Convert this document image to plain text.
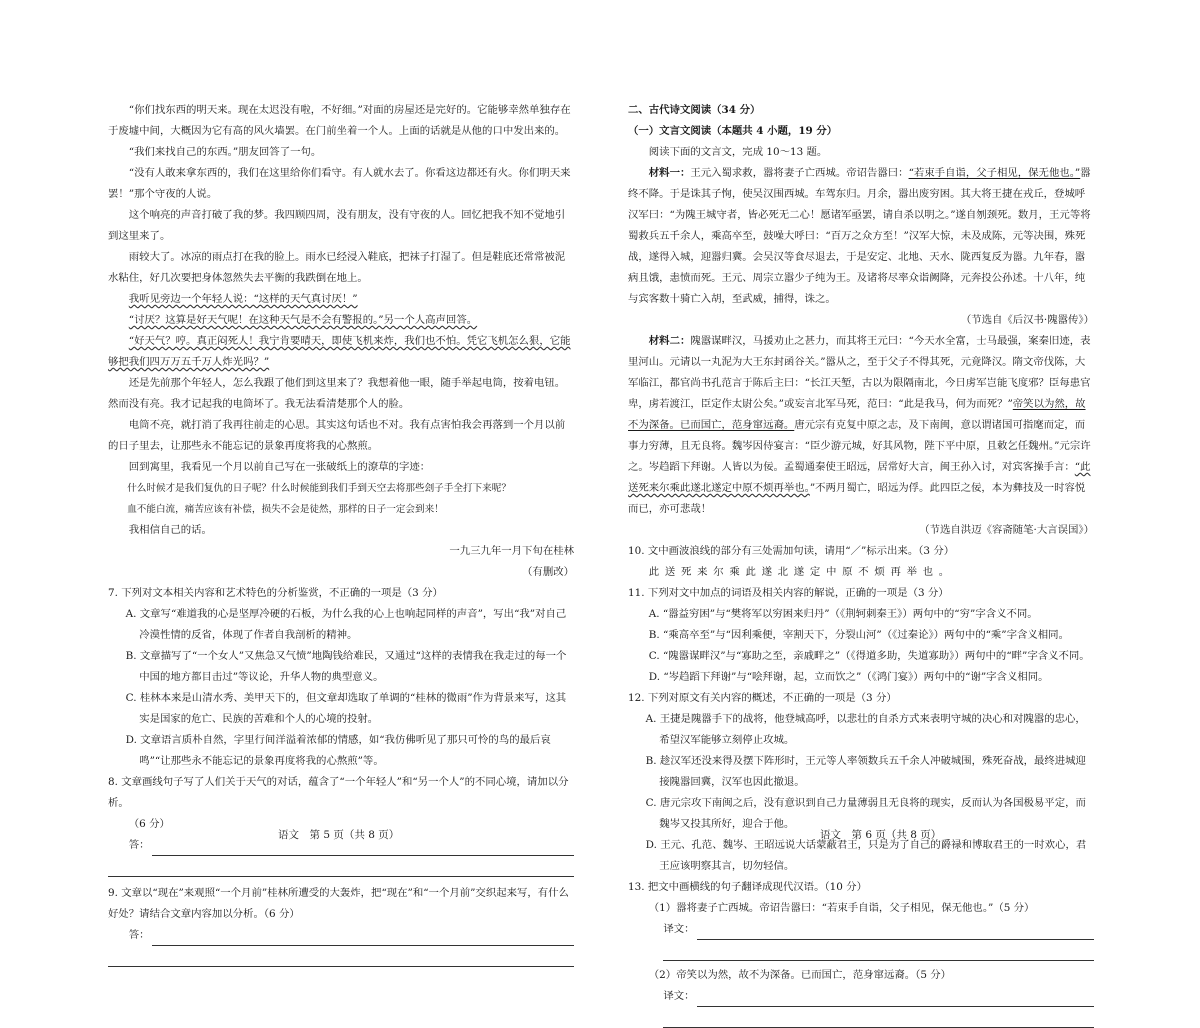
“你们找东西的明天来。现在太迟没有啦，不好细。”对面的房屋还是完好的。它能够幸然单独存在于废墟中间，大概因为它有高的风火墙罢。在门前坐着一个人。上面的话就是从他的口中发出来的。

“我们来找自己的东西。”朋友回答了一句。

“没有人敢来拿东西的，我们在这里给你们看守。有人就水去了。你看这边都还有火。你们明天来罢！”那个守夜的人说。

这个响亮的声音打破了我的梦。我四顾四周，没有朋友，没有守夜的人。回忆把我不知不觉地引到这里来了。

雨较大了。冰凉的雨点打在我的脸上。雨水已经浸入鞋底，把袜子打湿了。但是鞋底还常常被泥水粘住，好几次要把身体忽然失去平衡的我跌倒在地上。

我听见旁边一个年轻人说：“这样的天气真讨厌！”

“讨厌？这算是好天气呢！在这种天气是不会有警报的。”另一个人高声回答。

“好天气？哼。真正闷死人！我宁肯要晴天，即使飞机来炸，我们也不怕。凭它飞机怎么狠，它能够把我们四万万五千万人炸光吗？”

还是先前那个年轻人，怎么我跟了他们到这里来了？我想着他一眼，随手举起电筒，按着电钮。然而没有亮。我才记起我的电筒坏了。我无法看清楚那个人的脸。

电筒不亮，就打消了我再往前走的心思。其实这句话也不对。我有点害怕我会再落到一个月以前的日子里去，让那些永不能忘记的景象再度将我的心熬煎。

回到寓里，我看见一个月以前自己写在一张破纸上的潦草的字迹：

什么时候才是我们复仇的日子呢？什么时候能到我们手到天空去将那些刽子手全打下来呢？

血不能白流，痛苦应该有补偿，损失不会是徒然，那样的日子一定会到来！

我相信自己的话。

一九三九年一月下旬在桂林

（有删改）

7. 下列对文本相关内容和艺术特色的分析鉴赏，不正确的一项是（3 分）

A. 文章写“难道我的心是坚厚冷硬的石板，为什么我的心上也响起同样的声音”，写出“我”对自己冷漠性情的反省，体现了作者自我剖析的精神。

B. 文章描写了“一个女人”又焦急又气愤”地陶钱给难民，又通过“这样的表情我在我走过的每一个中国的地方都目击过”等议论，升华人物的典型意义。

C. 桂林本来是山清水秀、美甲天下的，但文章却选取了单调的“桂林的微雨”作为背景来写，这其实是国家的危亡、民族的苦难和个人的心境的投射。

D. 文章语言质朴自然，字里行间洋溢着浓郁的情感，如“我仿佛听见了那只可怜的鸟的最后哀鸣”“让那些永不能忘记的景象再度将我的心熬煎”等。

8. 文章画线句子写了人们关于天气的对话，蕴含了“一个年轻人”和“另一个人”的不同心境，请加以分析。

（6 分）

答：

9. 文章以“现在”来观照“一个月前”桂林所遭受的大轰炸，把“现在”和“一个月前”交织起来写，有什么好处？请结合文章内容加以分析。（6 分）

答：

二、古代诗文阅读（34 分）

（一）文言文阅读（本题共 4 小题，19 分）

阅读下面的文言文，完成 10～13 题。

材料一：王元入蜀求救，嚣将妻子亡西城。帝诏告嚣曰：“若束手自诣，父子相见，保无他也。”嚣终不降。于是诛其子恂，使吴汉围西城。车驾东归。月余，嚣出废穷困。其大将王捷在戎丘，登城呼汉军曰：“为隗王城守者，皆必死无二心！愿诸军亟罢，请自杀以明之。”遂自刎颈死。数月，王元等将蜀救兵五千余人，乘高卒至，鼓噪大呼曰：“百万之众方至！”汉军大惊，未及成陈，元等决围，殊死战，遂得入城，迎嚣归冀。会吴汉等食尽退去，于是安定、北地、天水、陇西复反为嚣。九年春，嚣病且饿，恚愤而死。王元、周宗立嚣少子纯为王。及诸将尽率众诣阙降，元奔投公孙述。十八年，纯与宾客数十骑亡入胡，至武威，捕得，诛之。

（节选自《后汉书·隗嚣传》）

材料二：隗嚣谋畔汉，马援劝止之甚力，而其将王元曰：“今天水全富，士马最强，案秦旧迹，表里河山。元请以一丸泥为大王东封函谷关。”嚣从之，至于父子不得其死，元竟降汉。隋文帝伐陈，大军临江，都官尚书孔范言于陈后主曰：“长江天堑，古以为限隔南北，今日虏军岂能飞度邪？臣每患官卑，虏若渡江，臣定作太尉公矣。”或妄言北军马死，范曰：“此是我马，何为而死？”帝笑以为然，故不为深备。已而国亡，范身窜远裔。唐元宗有克复中原之志，及下南闽，意以谓诸国可指麾而定，而事力穷薄，且无良将。魏岑因侍宴言：“臣少游元城，好其风物，陛下平中原，且敕乞任魏州。”元宗许之。岑趋蹈下拜谢。人皆以为佞。孟蜀通秦使王昭远，居常好大言，闽王孙入讨，对宾客操手言：“此送死来尔乘此遂北遂定中原不烦再举也。”不两月蜀亡，昭远为俘。此四臣之佞，本为彝技及一时容悦而已，亦可悲哉！

（节选自洪迈《容斋随笔·大言误国》）

10. 文中画波浪线的部分有三处需加句读，请用“／”标示出来。（3 分）

此送死来尔乘此遂北遂定中原不烦再举也。

11. 下列对文中加点的词语及相关内容的解说，正确的一项是（3 分）

A. “嚣益穷困”与“樊将军以穷困来归丹”（《荆轲刺秦王》）两句中的“穷”字含义不同。

B. “乘高卒至”与“因利乘便，宰割天下，分裂山河”（《过秦论》）两句中的“乘”字含义相同。

C. “隗嚣谋畔汉”与“寡助之至，亲戚畔之”（《得道多助，失道寡助》）两句中的“畔”字含义不同。

D. “岑趋蹈下拜谢”与“哙拜谢，起，立而饮之”（《鸿门宴》）两句中的“谢”字含义相同。

12. 下列对原文有关内容的概述，不正确的一项是（3 分）

A. 王捷是隗嚣手下的战将，他登城高呼，以悲壮的自杀方式来表明守城的决心和对隗嚣的忠心，希望汉军能够立刻停止攻城。

B. 趁汉军还没来得及摆下阵形时，王元等人率领数兵五千余人冲破城围，殊死奋战，最终进城迎接隗嚣回冀，汉军也因此撤退。

C. 唐元宗攻下南闽之后，没有意识到自己力量薄弱且无良将的现实，反而认为各国极易平定，而魏岑又投其所好，迎合于他。

D. 王元、孔范、魏岑、王昭远说大话蒙蔽君王，只是为了自己的爵禄和博取君王的一时欢心，君王应该明察其言，切勿轻信。

13. 把文中画横线的句子翻译成现代汉语。（10 分）

（1）嚣将妻子亡西城。帝诏告嚣曰：“若束手自诣，父子相见，保无他也。”（5 分）

译文：

（2）帝笑以为然，故不为深备。已而国亡，范身窜远裔。（5 分）

译文：
语文　第 5 页（共 8 页）	语文　第 6 页（共 8 页）
